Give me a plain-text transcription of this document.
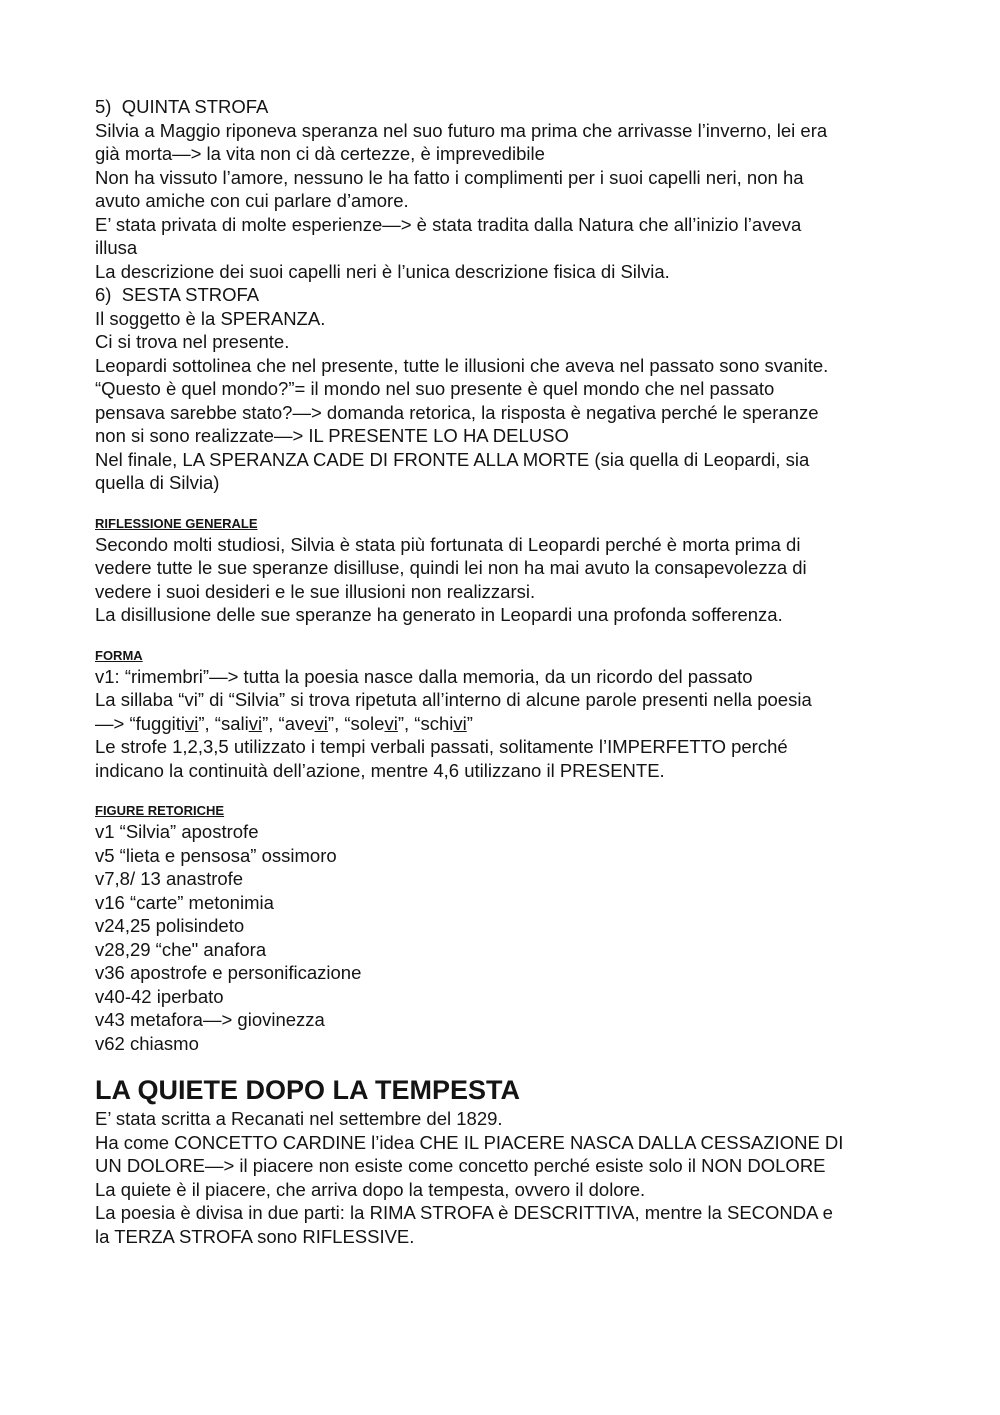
5)  QUINTA STROFA

Silvia a Maggio riponeva speranza nel suo futuro ma prima che arrivasse l’inverno, lei era

già morta—> la vita non ci dà certezze, è imprevedibile

Non ha vissuto l’amore, nessuno le ha fatto i complimenti per i suoi capelli neri, non ha

avuto amiche con cui parlare d’amore.

E’ stata privata di molte esperienze—> è stata tradita dalla Natura che all’inizio l’aveva

illusa

La descrizione dei suoi capelli neri è l’unica descrizione fisica di Silvia.

6)  SESTA STROFA

Il soggetto è la SPERANZA.

Ci si trova nel presente.

Leopardi sottolinea che nel presente, tutte le illusioni che aveva nel passato sono svanite.

“Questo è quel mondo?”= il mondo nel suo presente è quel mondo che nel passato

pensava sarebbe stato?—> domanda retorica, la risposta è negativa perché le speranze

non si sono realizzate—> IL PRESENTE LO HA DELUSO

Nel finale, LA SPERANZA CADE DI FRONTE ALLA MORTE (sia quella di Leopardi, sia

quella di Silvia)

RIFLESSIONE GENERALE

Secondo molti studiosi, Silvia è stata più fortunata di Leopardi perché è morta prima di

vedere tutte le sue speranze disilluse, quindi lei non ha mai avuto la consapevolezza di

vedere i suoi desideri e le sue illusioni non realizzarsi.

La disillusione delle sue speranze ha generato in Leopardi una profonda sofferenza.

FORMA

v1: “rimembri”—> tutta la poesia nasce dalla memoria, da un ricordo del passato

La sillaba “vi” di “Silvia” si trova ripetuta all’interno di alcune parole presenti nella poesia

—> “fuggitivi”, “salivi”, “avevi”, “solevi”, “schivi”

Le strofe 1,2,3,5 utilizzato i tempi verbali passati, solitamente l’IMPERFETTO perché

indicano la continuità dell’azione, mentre 4,6 utilizzano il PRESENTE.

FIGURE RETORICHE

v1 “Silvia” apostrofe

v5 “lieta e pensosa” ossimoro

v7,8/ 13 anastrofe

v16 “carte” metonimia

v24,25 polisindeto

v28,29 “che" anafora

v36 apostrofe e personificazione

v40-42 iperbato

v43 metafora—> giovinezza

v62 chiasmo

LA QUIETE DOPO LA TEMPESTA

E’ stata scritta a Recanati nel settembre del 1829.

Ha come CONCETTO CARDINE l’idea CHE IL PIACERE NASCA DALLA CESSAZIONE DI

UN DOLORE—> il piacere non esiste come concetto perché esiste solo il NON DOLORE

La quiete è il piacere, che arriva dopo la tempesta, ovvero il dolore.

La poesia è divisa in due parti: la RIMA STROFA è DESCRITTIVA, mentre la SECONDA e

la TERZA STROFA sono RIFLESSIVE.
